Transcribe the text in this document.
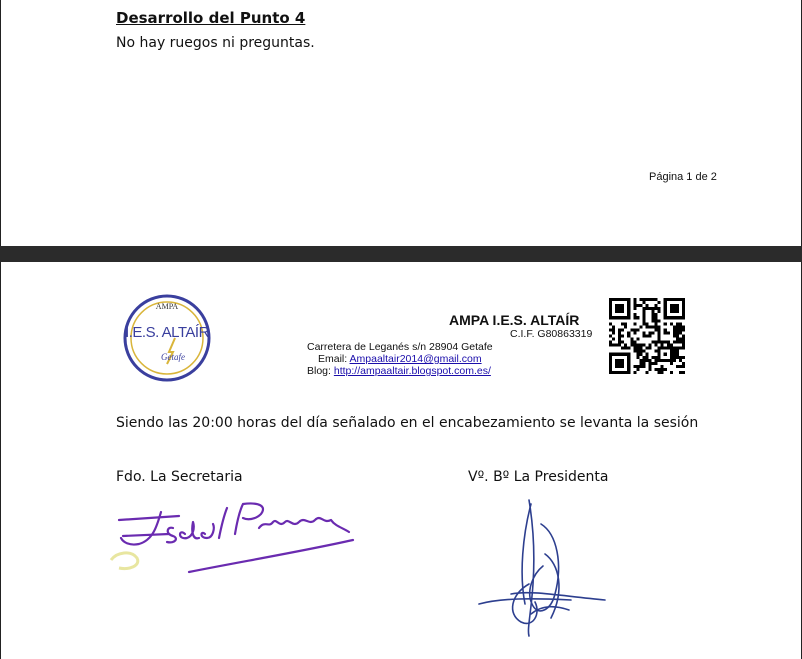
Desarrollo del Punto 4
No hay ruegos ni preguntas.
Página 1 de 2
AMPA
I.E.S. ALTAÍR
Getafe
AMPA I.E.S. ALTAÍR
C.I.F. G80863319
Carretera de Leganés s/n 28904 Getafe
Email: Ampaaltair2014@gmail.com
Blog: http://ampaaltair.blogspot.com.es/
Siendo las 20:00 horas del día señalado en el encabezamiento se levanta la sesión
Fdo. La Secretaria	Vº. Bº La Presidenta
